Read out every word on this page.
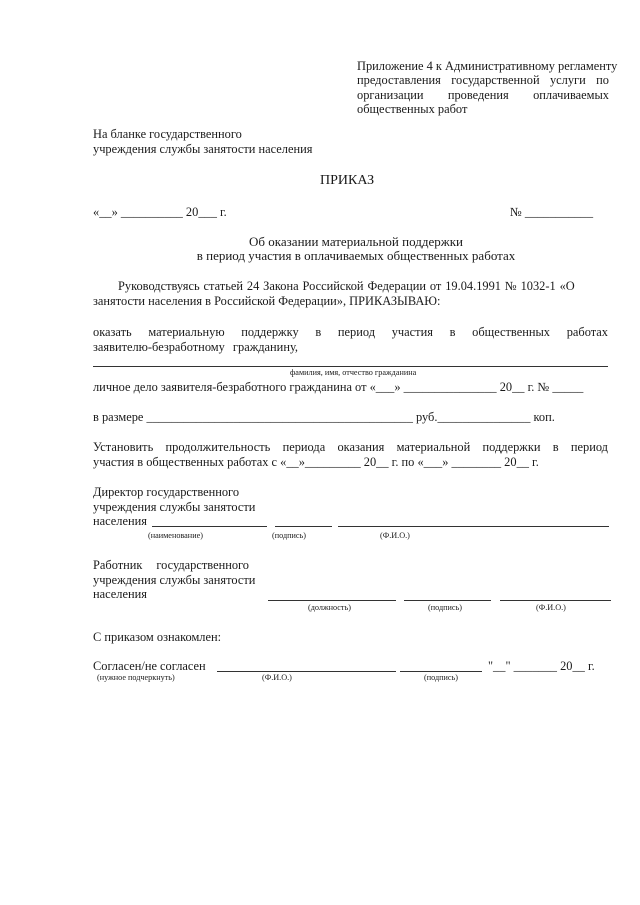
Приложение 4 к Административному регламенту
предоставления государственной услуги по
организации проведения оплачиваемых
общественных работ
На бланке государственного
учреждения службы занятости населения
ПРИКАЗ
«__» __________ 20___ г.	№ ___________
Об оказании материальной поддержки
в период участия в оплачиваемых общественных работах
Руководствуясь статьей 24 Закона Российской Федерации от 19.04.1991 № 1032-1 «О
занятости населения в Российской Федерации», ПРИКАЗЫВАЮ:
оказать материальную поддержку в период участия в общественных работах
заявителю-безработному гражданину,
фамилия, имя, отчество гражданина
личное дело заявителя-безработного гражданина от «___» _______________ 20__ г. № _____
в размере ___________________________________________ руб._______________ коп.
Установить продолжительность периода оказания материальной поддержки в период
участия в общественных работах с «__»_________ 20__ г. по «___» ________ 20__ г.
Директор государственного
учреждения службы занятости
населения
(наименование)	(подпись)	(Ф.И.О.)
Работник государственного
учреждения службы занятости
населения
(должность)	(подпись)	(Ф.И.О.)
С приказом ознакомлен:
Согласен/не согласен	"__" _______ 20__ г.
(нужное подчеркнуть)	(Ф.И.О.)	(подпись)
